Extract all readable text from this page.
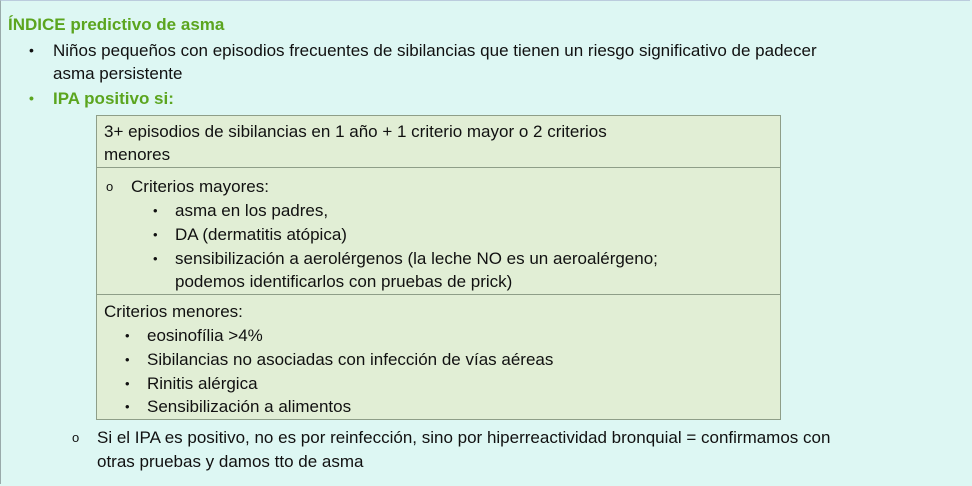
ÍNDICE predictivo de asma
• Niños pequeños con episodios frecuentes de sibilancias que tienen un riesgo significativo de padecer
asma persistente
• IPA positivo si:
3+ episodios de sibilancias en 1 año + 1 criterio mayor o 2 criterios
menores

o Criterios mayores:
• asma en los padres,
• DA (dermatitis atópica)
• sensibilización a aerolérgenos (la leche NO es un aeroalérgeno;
podemos identificarlos con pruebas de prick)

Criterios menores:
• eosinofília >4%
• Sibilancias no asociadas con infección de vías aéreas
• Rinitis alérgica
• Sensibilización a alimentos
o Si el IPA es positivo, no es por reinfección, sino por hiperreactividad bronquial = confirmamos con
otras pruebas y damos tto de asma
